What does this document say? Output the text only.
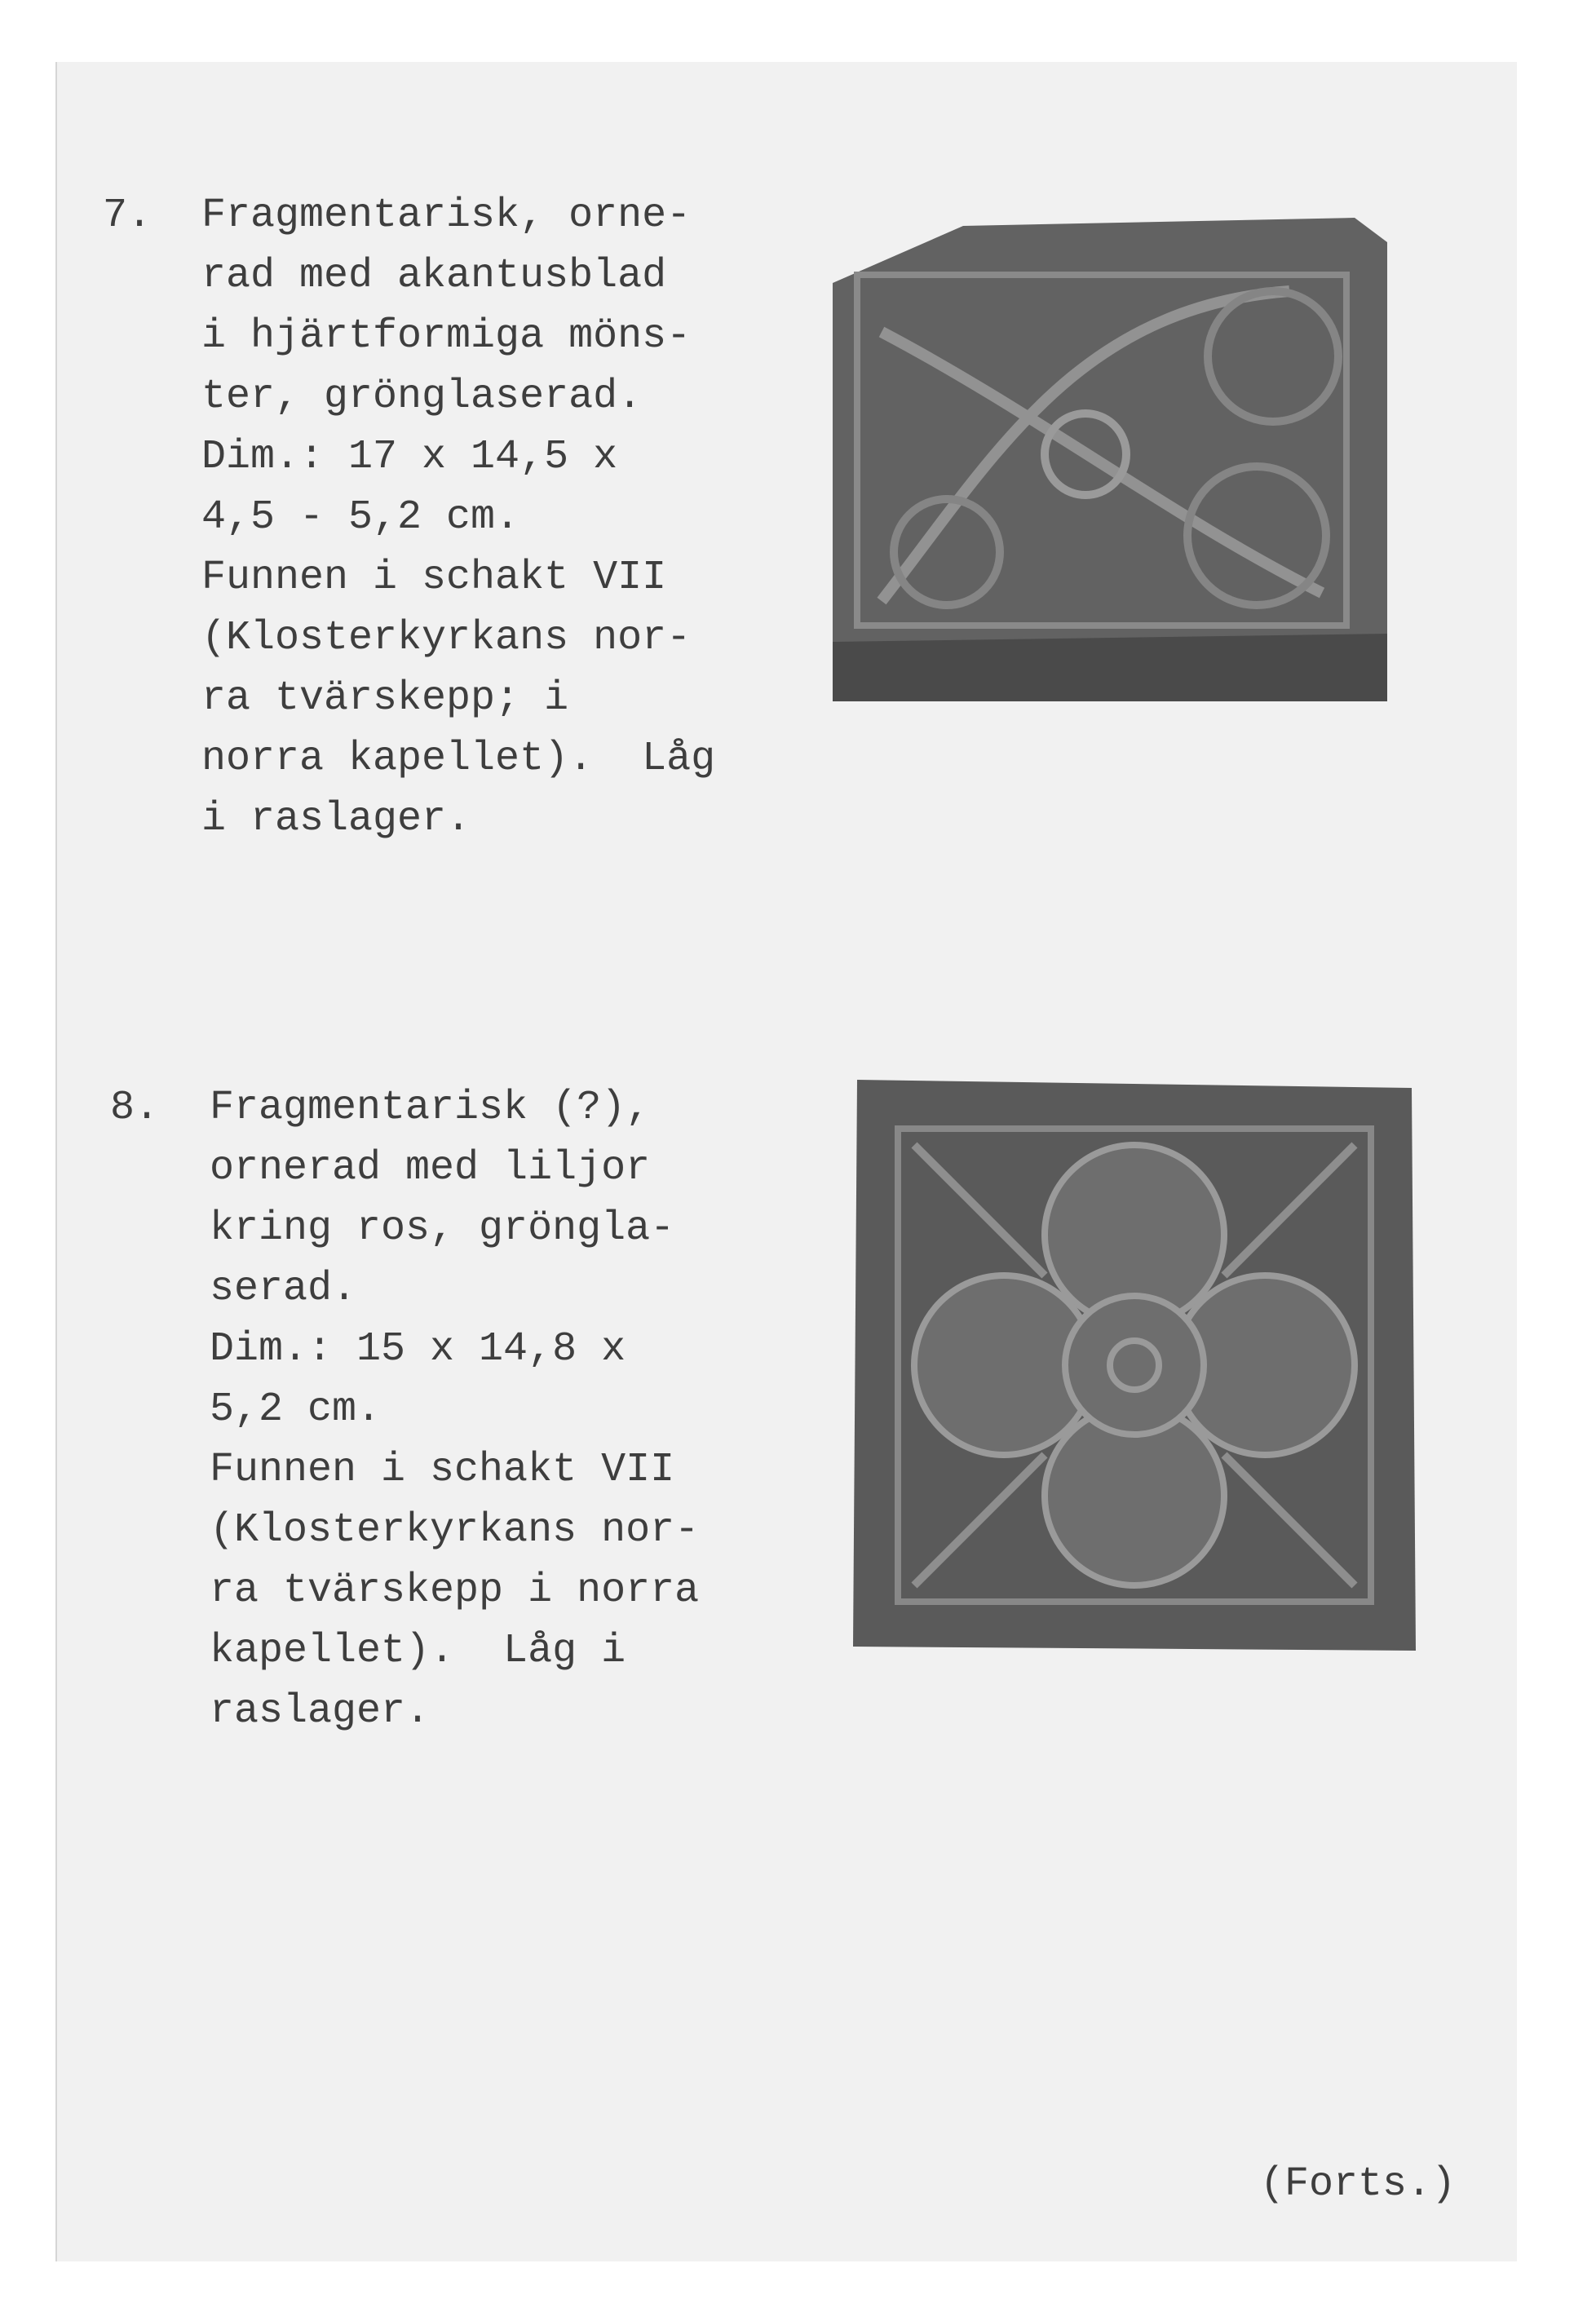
7. Fragmentarisk, orne-
rad med akantusblad
i hjärtformiga möns-
ter, grönglaserad.
Dim.: 17 x 14,5 x
4,5 - 5,2 cm.
Funnen i schakt VII
(Klosterkyrkans nor-
ra tvärskepp; i
norra kapellet).  Låg
i raslager.
8. Fragmentarisk (?),
ornerad med liljor
kring ros, gröngla-
serad.
Dim.: 15 x 14,8 x
5,2 cm.
Funnen i schakt VII
(Klosterkyrkans nor-
ra tvärskepp i norra
kapellet).  Låg i
raslager.
(Forts.)
